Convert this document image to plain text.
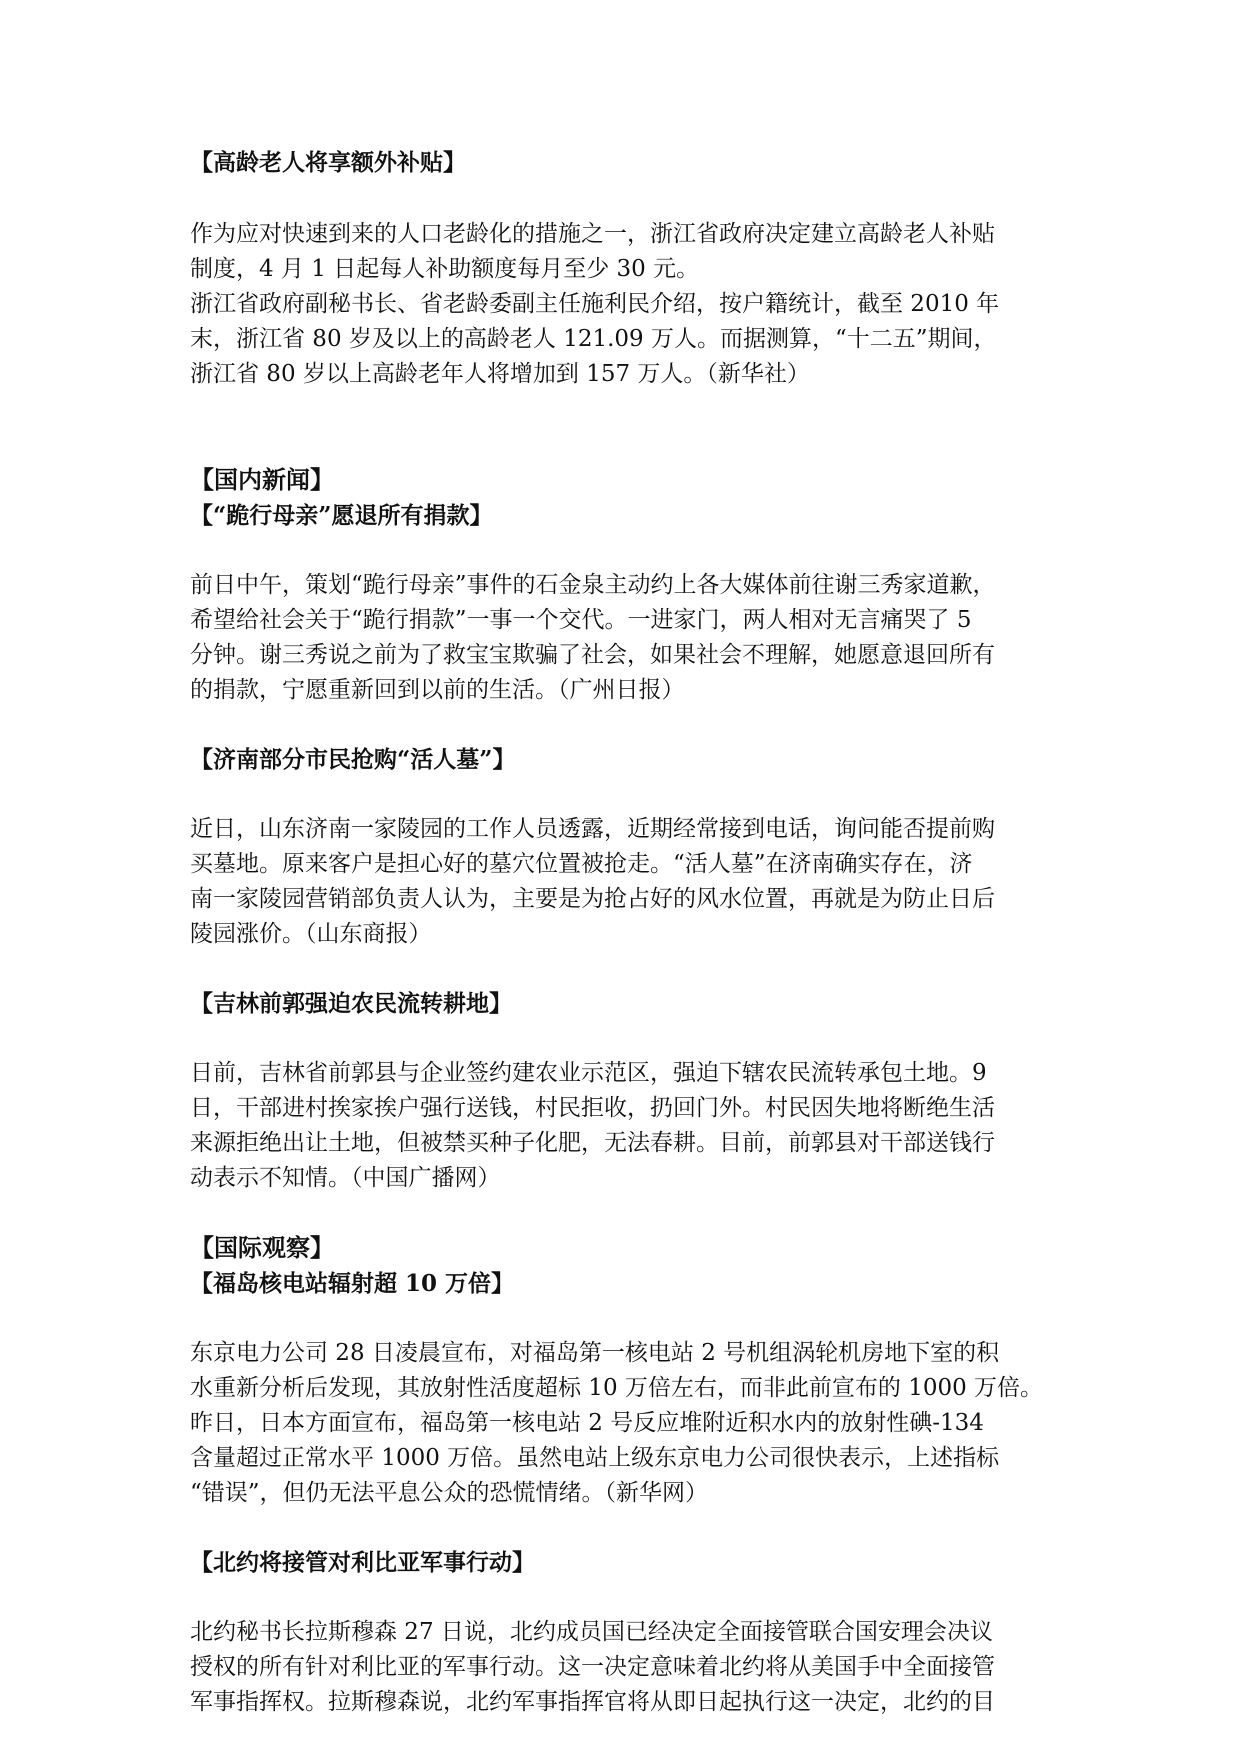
【高龄老人将享额外补贴】
作为应对快速到来的人口老龄化的措施之一，浙江省政府决定建立高龄老人补贴
制度，4 月 1 日起每人补助额度每月至少 30 元。
浙江省政府副秘书长、省老龄委副主任施利民介绍，按户籍统计，截至 2010 年
末，浙江省 80 岁及以上的高龄老人 121.09 万人。而据测算，“十二五”期间，
浙江省 80 岁以上高龄老年人将增加到 157 万人。（新华社）
【国内新闻】
【“跪行母亲”愿退所有捐款】
前日中午，策划“跪行母亲”事件的石金泉主动约上各大媒体前往谢三秀家道歉，
希望给社会关于“跪行捐款”一事一个交代。一进家门，两人相对无言痛哭了 5
分钟。谢三秀说之前为了救宝宝欺骗了社会，如果社会不理解，她愿意退回所有
的捐款，宁愿重新回到以前的生活。（广州日报）
【济南部分市民抢购“活人墓”】
近日，山东济南一家陵园的工作人员透露，近期经常接到电话，询问能否提前购
买墓地。原来客户是担心好的墓穴位置被抢走。“活人墓”在济南确实存在，济
南一家陵园营销部负责人认为，主要是为抢占好的风水位置，再就是为防止日后
陵园涨价。（山东商报）
【吉林前郭强迫农民流转耕地】
日前，吉林省前郭县与企业签约建农业示范区，强迫下辖农民流转承包土地。9
日，干部进村挨家挨户强行送钱，村民拒收，扔回门外。村民因失地将断绝生活
来源拒绝出让土地，但被禁买种子化肥，无法春耕。目前，前郭县对干部送钱行
动表示不知情。（中国广播网）
【国际观察】
【福岛核电站辐射超 10 万倍】
东京电力公司 28 日凌晨宣布，对福岛第一核电站 2 号机组涡轮机房地下室的积
水重新分析后发现，其放射性活度超标 10 万倍左右，而非此前宣布的 1000 万倍。
昨日，日本方面宣布，福岛第一核电站 2 号反应堆附近积水内的放射性碘-134
含量超过正常水平 1000 万倍。虽然电站上级东京电力公司很快表示，上述指标
“错误”，但仍无法平息公众的恐慌情绪。（新华网）
【北约将接管对利比亚军事行动】
北约秘书长拉斯穆森 27 日说，北约成员国已经决定全面接管联合国安理会决议
授权的所有针对利比亚的军事行动。这一决定意味着北约将从美国手中全面接管
军事指挥权。拉斯穆森说，北约军事指挥官将从即日起执行这一决定，北约的目
